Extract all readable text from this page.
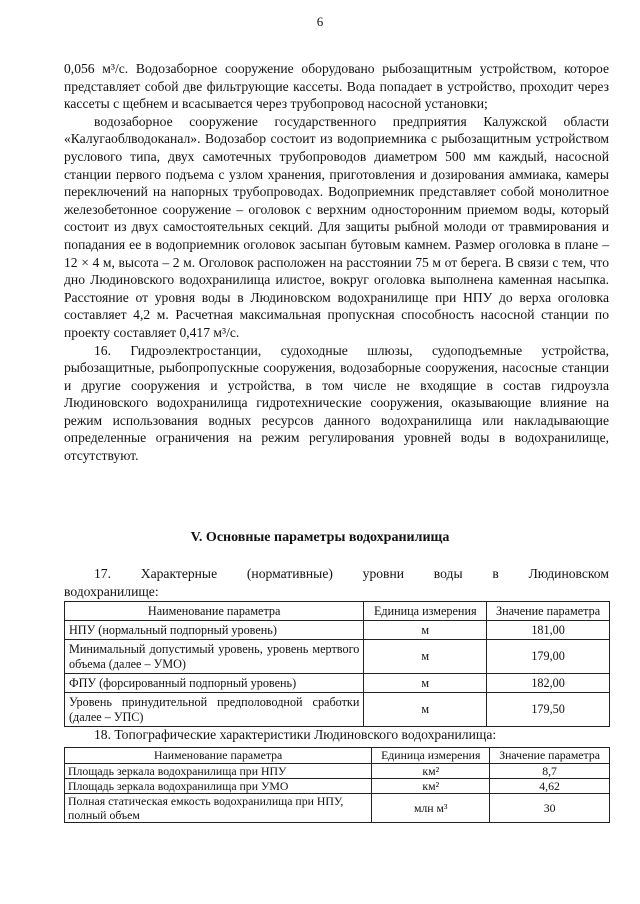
6

0,056 м³/с. Водозаборное сооружение оборудовано рыбозащитным устройством, которое представляет собой две фильтрующие кассеты. Вода попадает в устройство, проходит через кассеты с щебнем и всасывается через трубопровод насосной установки;

водозаборное сооружение государственного предприятия Калужской области «Калугаоблводоканал». Водозабор состоит из водоприемника с рыбозащитным устройством руслового типа, двух самотечных трубопроводов диаметром 500 мм каждый, насосной станции первого подъема с узлом хранения, приготовления и дозирования аммиака, камеры переключений на напорных трубопроводах. Водоприемник представляет собой монолитное железобетонное сооружение – оголовок с верхним односторонним приемом воды, который состоит из двух самостоятельных секций. Для защиты рыбной молоди от травмирования и попадания ее в водоприемник оголовок засыпан бутовым камнем. Размер оголовка в плане – 12 × 4 м, высота – 2 м. Оголовок расположен на расстоянии 75 м от берега. В связи с тем, что дно Людиновского водохранилища илистое, вокруг оголовка выполнена каменная насыпка. Расстояние от уровня воды в Людиновском водохранилище при НПУ до верха оголовка составляет 4,2 м. Расчетная максимальная пропускная способность насосной станции по проекту составляет 0,417 м³/с.

16. Гидроэлектростанции, судоходные шлюзы, судоподъемные устройства, рыбозащитные, рыбопропускные сооружения, водозаборные сооружения, насосные станции и другие сооружения и устройства, в том числе не входящие в состав гидроузла Людиновского водохранилища гидротехнические сооружения, оказывающие влияние на режим использования водных ресурсов данного водохранилища или накладывающие определенные ограничения на режим регулирования уровней воды в водохранилище, отсутствуют.

V. Основные параметры водохранилища
17. Характерные (нормативные) уровни воды в Людиновском
водохранилище:
Наименование параметра	Единица измерения	Значение параметра
НПУ (нормальный подпорный уровень)	м	181,00
Минимальный допустимый уровень, уровень мертвого объема (далее – УМО)	м	179,00
ФПУ (форсированный подпорный уровень)	м	182,00
Уровень принудительной предполоводной сработки (далее – УПС)	м	179,50
18. Топографические характеристики Людиновского водохранилища:
Наименование параметра	Единица измерения	Значение параметра
Площадь зеркала водохранилища при НПУ	км²	8,7
Площадь зеркала водохранилища при УМО	км²	4,62
Полная статическая емкость водохранилища при НПУ, полный объем	млн м³	30
